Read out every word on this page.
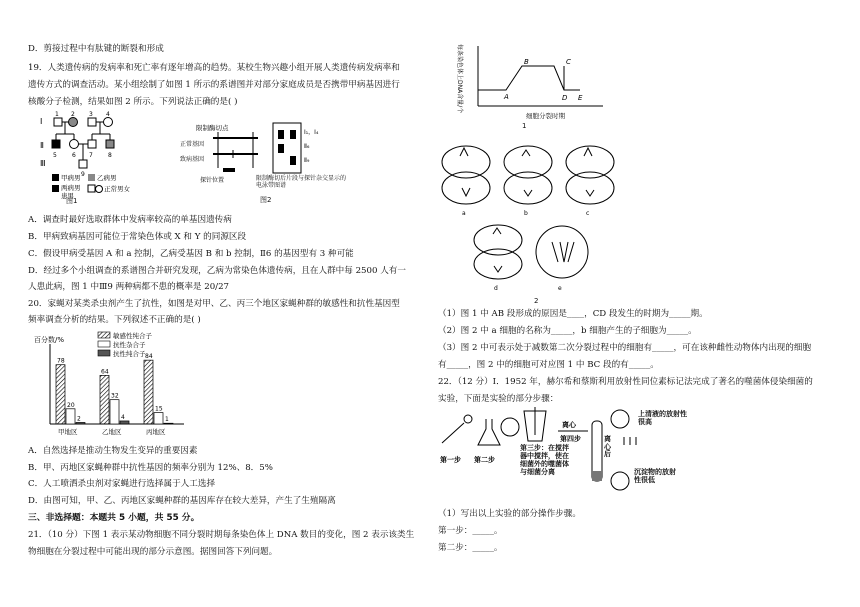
D．剪接过程中有肽键的断裂和形成
19．人类遗传病的发病率和死亡率有逐年增高的趋势。某校生物兴趣小组开展人类遗传病发病率和
遗传方式的调查活动。某小组绘制了如图 1 所示的系谱图并对部分家庭成员是否携带甲病基因进行
核酸分子检测，结果如图 2 所示。下列说法正确的是( )
Ⅰ
Ⅱ
Ⅲ
1 2 3 4
5	6 7	8
9
甲病男	乙病男
两病男
患男
正常男女
图1
限制酶切点
正常基因
致病基因
探针位置
Ⅰ₁，Ⅰ₄
Ⅱ₆
Ⅱ₉
限制酶切后片段与探针杂交显示的电泳带图谱
图2
A．调查时最好选取群体中发病率较高的单基因遗传病
B．甲病致病基因可能位于常染色体或 X 和 Y 的同源区段
C．假设甲病受基因 A 和 a 控制，乙病受基因 B 和 b 控制，Ⅱ6 的基因型有 3 种可能
D．经过多个小组调查的系谱图合并研究发现，乙病为常染色体遗传病，且在人群中每 2500 人有一
人患此病，图 1 中Ⅲ9 两种病都不患的概率是 20/27
20．家蝇对某类杀虫剂产生了抗性，如图是对甲、乙、丙三个地区家蝇种群的敏感性和抗性基因型
频率调查分析的结果。下列叙述不正确的是( )
百分数/%
78
20
2
甲地区
64
32
4
乙地区
84
15
1
丙地区
敏感性纯合子
抗性杂合子
抗性纯合子
A．自然选择是推动生物发生变异的重要因素
B．甲、丙地区家蝇种群中抗性基因的频率分别为 12%、8．5%
C．人工喷洒杀虫剂对家蝇进行选择属于人工选择
D．由图可知，甲、乙、丙地区家蝇种群的基因库存在较大差异，产生了生殖隔离
三、非选择题：本题共 5 小题，共 55 分。
21．（10 分）下图 1 表示某动物细胞不同分裂时期每条染色体上 DNA 数目的变化，图 2 表示该类生
物细胞在分裂过程中可能出现的部分示意图。据图回答下列问题。
每条染色体上DNA含量/个	A
B	C
D E
细胞分裂时期
1
a	b	c
d	e
2
（1）图 1 中 AB 段形成的原因是____，CD 段发生的时期为_____期。
（2）图 2 中 a 细胞的名称为_____，b 细胞产生的子细胞为_____。
（3）图 2 中可表示处于减数第二次分裂过程中的细胞有_____，可在该种雌性动物体内出现的细胞
有_____，图 2 中的细胞可对应图 1 中 BC 段的有_____。
22．（12 分）Ⅰ．1952 年，赫尔希和蔡斯利用放射性同位素标记法完成了著名的噬菌体侵染细菌的
实验，下面是实验的部分步骤：
第一步 第二步
离心
第四步
第三步：在搅拌器中搅拌，使在细菌外的噬菌体与细菌分离
离心后
上清液的放射性很高
沉淀物的放射性很低
（1）写出以上实验的部分操作步骤。
第一步：_____。
第二步：_____。
